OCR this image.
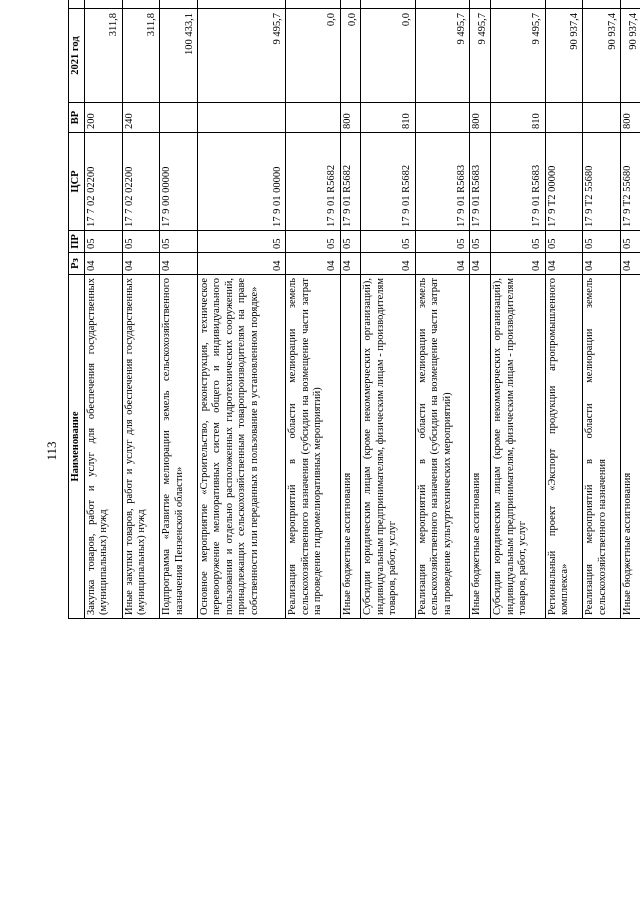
113 Наименование	Рз	ПР	ЦСР	ВР	2021 год		
Закупка товаров, работ и услуг для обеспечения государственных (муниципальных) нужд	04	05	17 7 02 02200	200	311,8		
Иные закупки товаров, работ и услуг для обеспечения государственных (муниципальных) нужд	04	05	17 7 02 02200	240	311,8		
Подпрограмма «Развитие мелиорации земель сельскохозяйственного назначения Пензенской области»	04	05	17 9 00 00000		100 433,1		
Основное мероприятие «Строительство, реконструкция, техническое перевооружение мелиоративных систем общего и индивидуального пользования и отдельно расположенных гидротехнических сооружений, принадлежащих сельскохозяйственным товаропроизводителям на праве собственности или переданных в пользование в установленном порядке»	04	05	17 9 01 00000		9 495,7		
Реализация мероприятий в области мелиорации земель сельскохозяйственного назначения (субсидии на возмещение части затрат на проведение гидромелиоративных мероприятий)	04	05	17 9 01 R5682		0,0		
Иные бюджетные ассигнования	04	05	17 9 01 R5682	800	0,0		
Субсидии юридическим лицам (кроме некоммерческих организаций), индивидуальным предпринимателям, физическим лицам - производителям товаров, работ, услуг	04	05	17 9 01 R5682	810	0,0		
Реализация мероприятий в области мелиорации земель сельскохозяйственного назначения (субсидии на возмещение части затрат на проведение культуртехнических мероприятий)	04	05	17 9 01 R5683		9 495,7		
Иные бюджетные ассигнования	04	05	17 9 01 R5683	800	9 495,7		
Субсидии юридическим лицам (кроме некоммерческих организаций), индивидуальным предпринимателям, физическим лицам - производителям товаров, работ, услуг	04	05	17 9 01 R5683	810	9 495,7		
Региональный проект «Экспорт продукции агропромышленного комплекса»	04	05	17 9 T2 00000		90 937,4		
Реализация мероприятий в области мелиорации земель сельскохозяйственного назначения	04	05	17 9 T2 55680		90 937,4		
Иные бюджетные ассигнования	04	05	17 9 T2 55680	800	90 937,4		
